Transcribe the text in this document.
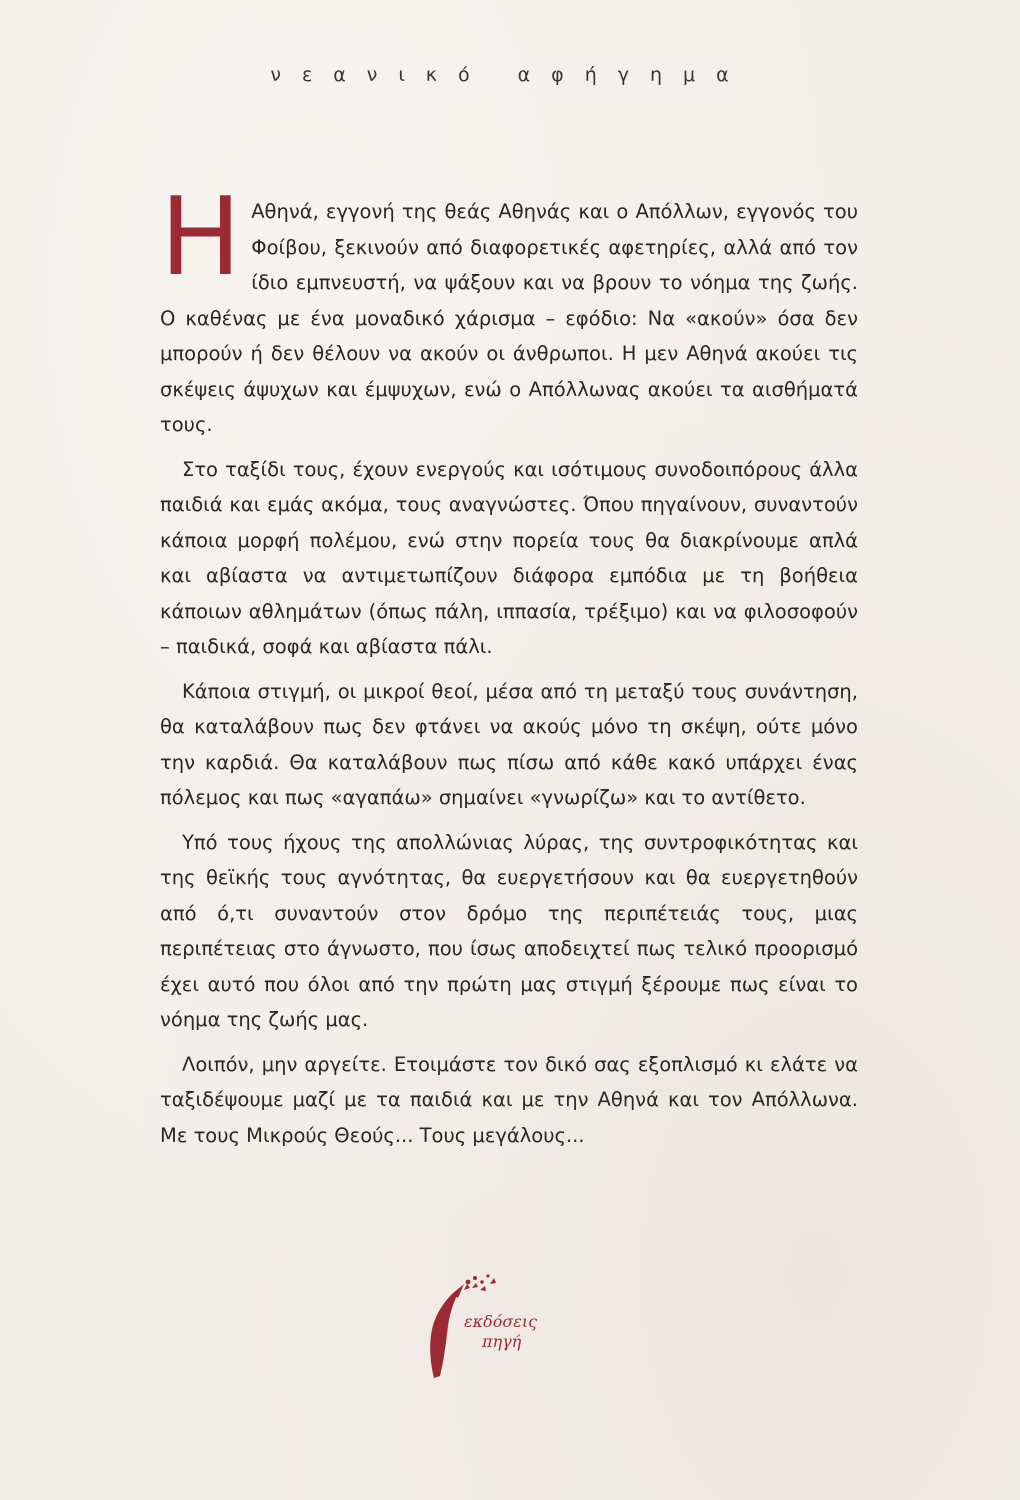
νεανικό αφήγημα

Η Αθηνά, εγγονή της θεάς Αθηνάς και ο Απόλλων, εγγονός του Φοίβου, ξεκινούν από διαφορετικές αφετηρίες, αλλά από τον ίδιο εμπνευστή, να ψάξουν και να βρουν το νόημα της ζωής. Ο καθένας με ένα μοναδικό χάρισμα – εφόδιο: Να «ακούν» όσα δεν μπορούν ή δεν θέλουν να ακούν οι άνθρωποι. Η μεν Αθηνά ακούει τις σκέψεις άψυχων και έμψυχων, ενώ ο Απόλλωνας ακούει τα αισθήματά τους.

Στο ταξίδι τους, έχουν ενεργούς και ισότιμους συνοδοιπόρους άλλα παιδιά και εμάς ακόμα, τους αναγνώστες. Όπου πηγαίνουν, συναντούν κάποια μορφή πολέμου, ενώ στην πορεία τους θα διακρίνουμε απλά και αβίαστα να αντιμετωπίζουν διάφορα εμπόδια με τη βοήθεια κάποιων αθλημάτων (όπως πάλη, ιππασία, τρέξιμο) και να φιλοσοφούν – παιδικά, σοφά και αβίαστα πάλι.

Κάποια στιγμή, οι μικροί θεοί, μέσα από τη μεταξύ τους συνάντηση, θα καταλάβουν πως δεν φτάνει να ακούς μόνο τη σκέψη, ούτε μόνο την καρδιά. Θα καταλάβουν πως πίσω από κάθε κακό υπάρχει ένας πόλεμος και πως «αγαπάω» σημαίνει «γνωρίζω» και το αντίθετο.

Υπό τους ήχους της απολλώνιας λύρας, της συντροφικότητας και της θεϊκής τους αγνότητας, θα ευεργετήσουν και θα ευεργετηθούν από ό,τι συναντούν στον δρόμο της περιπέτειάς τους, μιας περιπέτειας στο άγνωστο, που ίσως αποδειχτεί πως τελικό προορισμό έχει αυτό που όλοι από την πρώτη μας στιγμή ξέρουμε πως είναι το νόημα της ζωής μας.

Λοιπόν, μην αργείτε. Ετοιμάστε τον δικό σας εξοπλισμό κι ελάτε να ταξιδέψουμε μαζί με τα παιδιά και με την Αθηνά και τον Απόλλωνα. Με τους Μικρούς Θεούς... Τους μεγάλους...

εκδόσεις
πηγή
